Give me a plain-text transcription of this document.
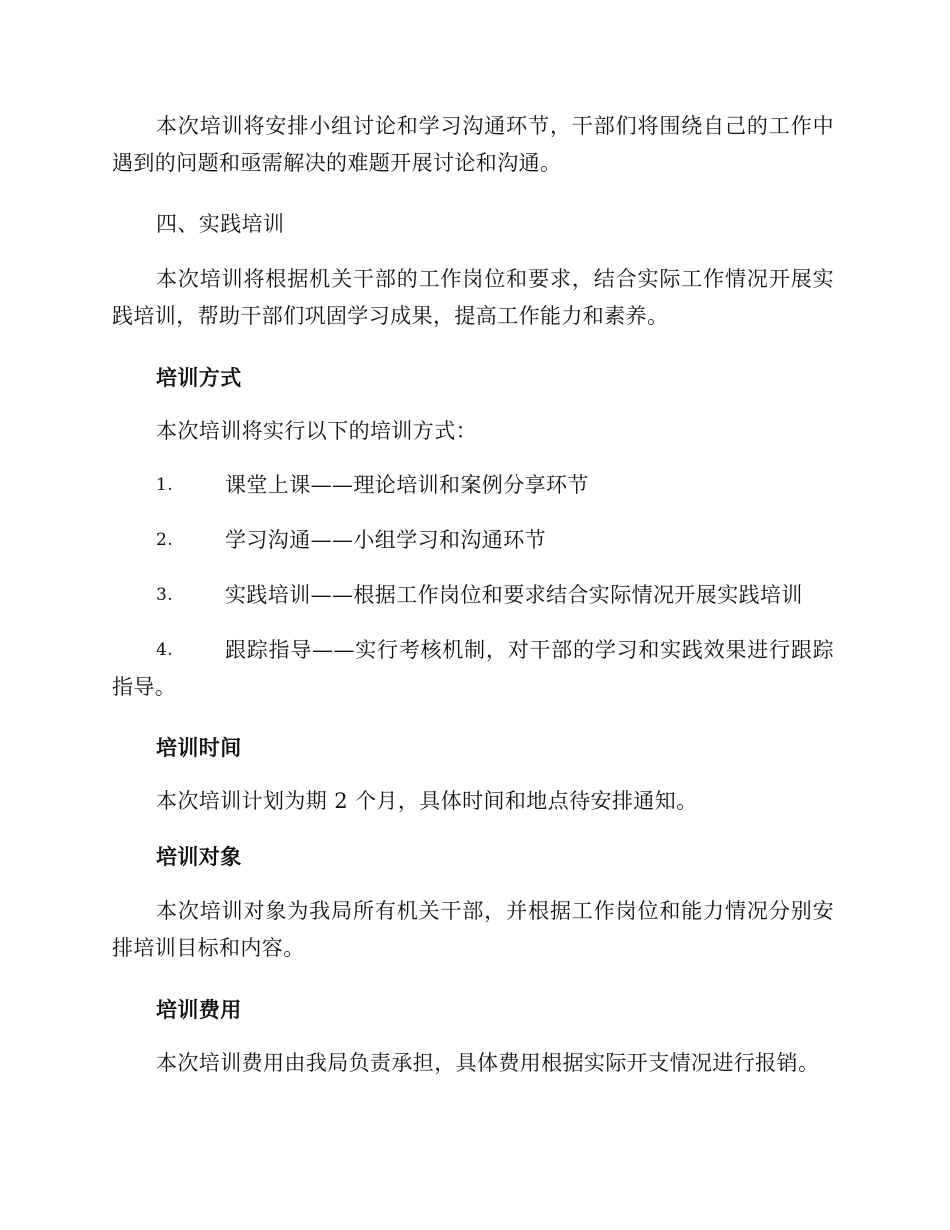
本次培训将安排小组讨论和学习沟通环节，干部们将围绕自己的工作中遇到的问题和亟需解决的难题开展讨论和沟通。

四、实践培训

本次培训将根据机关干部的工作岗位和要求，结合实际工作情况开展实践培训，帮助干部们巩固学习成果，提高工作能力和素养。

培训方式

本次培训将实行以下的培训方式：

1.	课堂上课——理论培训和案例分享环节
2.	学习沟通——小组学习和沟通环节
3.	实践培训——根据工作岗位和要求结合实际情况开展实践培训
4.	跟踪指导——实行考核机制，对干部的学习和实践效果进行跟踪指导。

培训时间

本次培训计划为期 2 个月，具体时间和地点待安排通知。

培训对象

本次培训对象为我局所有机关干部，并根据工作岗位和能力情况分别安排培训目标和内容。

培训费用

本次培训费用由我局负责承担，具体费用根据实际开支情况进行报销。
